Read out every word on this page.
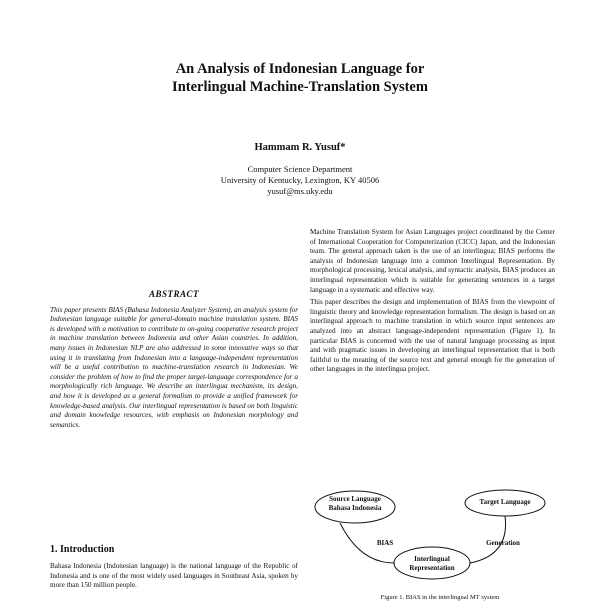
An Analysis of Indonesian Language for
Interlingual Machine-Translation System
Hammam R. Yusuf*
Computer Science Department
University of Kentucky, Lexington, KY 40506
yusuf@ms.uky.edu
ABSTRACT

This paper presents BIAS (Bahasa Indonesia Analyzer System), an analysis system for Indonesian language suitable for general-domain machine translation system. BIAS is developed with a motivation to contribute to on-going cooperative research project in machine translation between Indonesia and other Asian countries. In addition, many issues in Indonesian NLP are also addressed in some innovative ways so that using it in translating from Indonesian into a language-independent representation will be a useful contribution to machine-translation research in Indonesian. We consider the problem of how to find the proper target-language correspondence for a morphologically rich language. We describe an interlingua mechanism, its design, and how it is developed as a general formalism to provide a unified framework for knowledge-based analysis. Our interlingual representation is based on both linguistic and domain knowledge resources, with emphasis on Indonesian morphology and semantics.

1. Introduction
Bahasa Indonesia (Indonesian language) is the national language of the Republic of Indonesia and is one of the most widely used languages in Southeast Asia, spoken by more than 150 million people.

Machine Translation System for Asian Languages project coordinated by the Center of International Cooperation for Computerization (CICC) Japan, and the Indonesian team. The general approach taken is the use of an interlingua; BIAS performs the analysis of Indonesian language into a common Interlingual Representation. By morphological processing, lexical analysis, and syntactic analysis, BIAS produces an interlingual representation which is suitable for generating sentences in a target language in a systematic and effective way.

This paper describes the design and implementation of BIAS from the viewpoint of linguistic theory and knowledge representation formalism. The design is based on an interlingual approach to machine translation in which source input sentences are analyzed into an abstract language-independent representation (Figure 1). In particular BIAS is concerned with the use of natural language processing as input and with pragmatic issues in developing an interlingual representation that is both faithful to the meaning of the source text and general enough for the generation of other languages in the interlingua project.

Source Language
Bahasa Indonesia
Target Language
Interlingual
Representation
BIAS	Generation
Figure 1. BIAS in the interlingual MT system
